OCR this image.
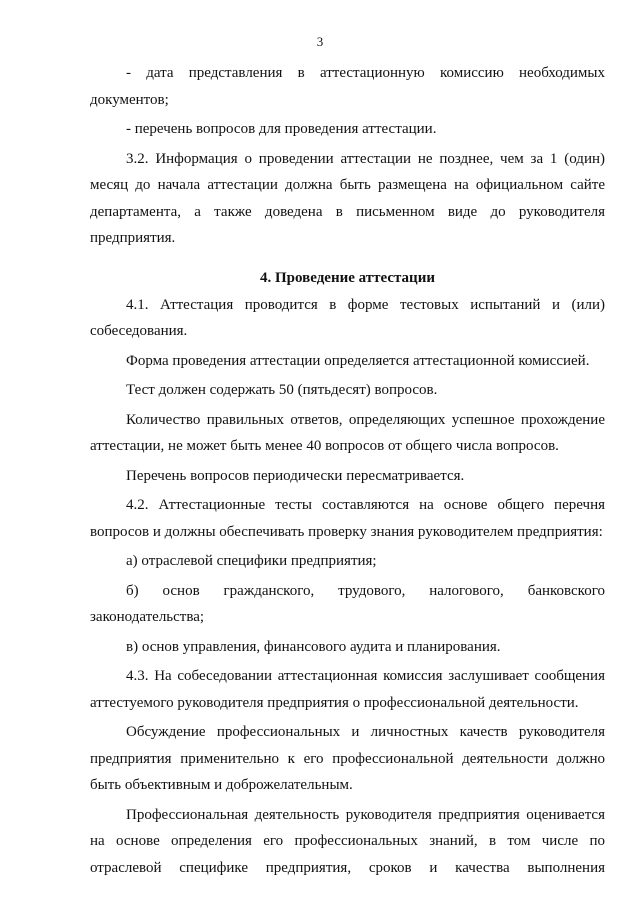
3

- дата представления в аттестационную комиссию необходимых документов;

- перечень вопросов для проведения аттестации.

3.2. Информация о проведении аттестации не позднее, чем за 1 (один) месяц до начала аттестации должна быть размещена на официальном сайте департамента, а также доведена в письменном виде до руководителя предприятия.

4. Проведение аттестации

4.1. Аттестация проводится в форме тестовых испытаний и (или) собеседования.

Форма проведения аттестации определяется аттестационной комиссией.

Тест должен содержать 50 (пятьдесят) вопросов.

Количество правильных ответов, определяющих успешное прохождение аттестации, не может быть менее 40 вопросов от общего числа вопросов.

Перечень вопросов периодически пересматривается.

4.2. Аттестационные тесты составляются на основе общего перечня вопросов и должны обеспечивать проверку знания руководителем предприятия:

а) отраслевой специфики предприятия;

б) основ гражданского, трудового, налогового, банковского законодательства;

в) основ управления, финансового аудита и планирования.

4.3. На собеседовании аттестационная комиссия заслушивает сообщения аттестуемого руководителя предприятия о профессиональной деятельности.

Обсуждение профессиональных и личностных качеств руководителя предприятия применительно к его профессиональной деятельности должно быть объективным и доброжелательным.

Профессиональная деятельность руководителя предприятия оценивается на основе определения его профессиональных знаний, в том числе по отраслевой специфике предприятия, сроков и качества выполнения
